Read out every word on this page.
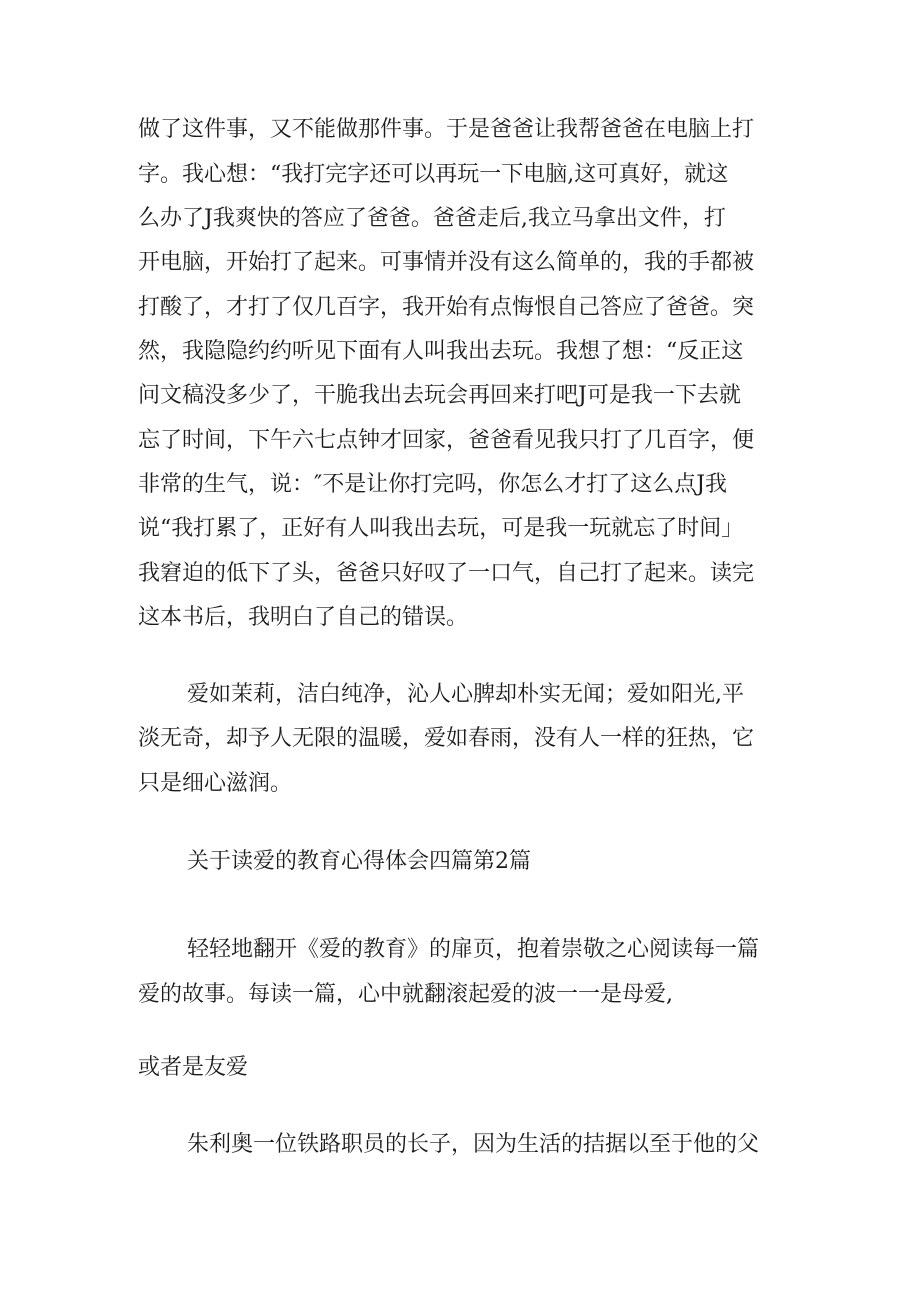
做了这件事，又不能做那件事。于是爸爸让我帮爸爸在电脑上打
字。我心想：“我打完字还可以再玩一下电脑,这可真好，就这
么办了J我爽快的答应了爸爸。爸爸走后,我立马拿出文件，打
开电脑，开始打了起来。可事情并没有这么简单的，我的手都被
打酸了，才打了仅几百字，我开始有点悔恨自己答应了爸爸。突
然，我隐隐约约听见下面有人叫我出去玩。我想了想：“反正这
问文稿没多少了，干脆我出去玩会再回来打吧J可是我一下去就
忘了时间，下午六七点钟才回家，爸爸看见我只打了几百字，便
非常的生气，说：″不是让你打完吗，你怎么才打了这么点J我
说“我打累了，正好有人叫我出去玩，可是我一玩就忘了时间」
我窘迫的低下了头，爸爸只好叹了一口气，自己打了起来。读完
这本书后，我明白了自己的错误。
爱如茉莉，洁白纯净，沁人心脾却朴实无闻；爱如阳光,平
淡无奇，却予人无限的温暖，爱如春雨，没有人一样的狂热，它
只是细心滋润。
关于读爱的教育心得体会四篇第2篇
轻轻地翻开《爱的教育》的扉页，抱着崇敬之心阅读每一篇
爱的故事。每读一篇，心中就翻滚起爱的波一一是母爱,
或者是友爱
朱利奥一位铁路职员的长子，因为生活的拮据以至于他的父
